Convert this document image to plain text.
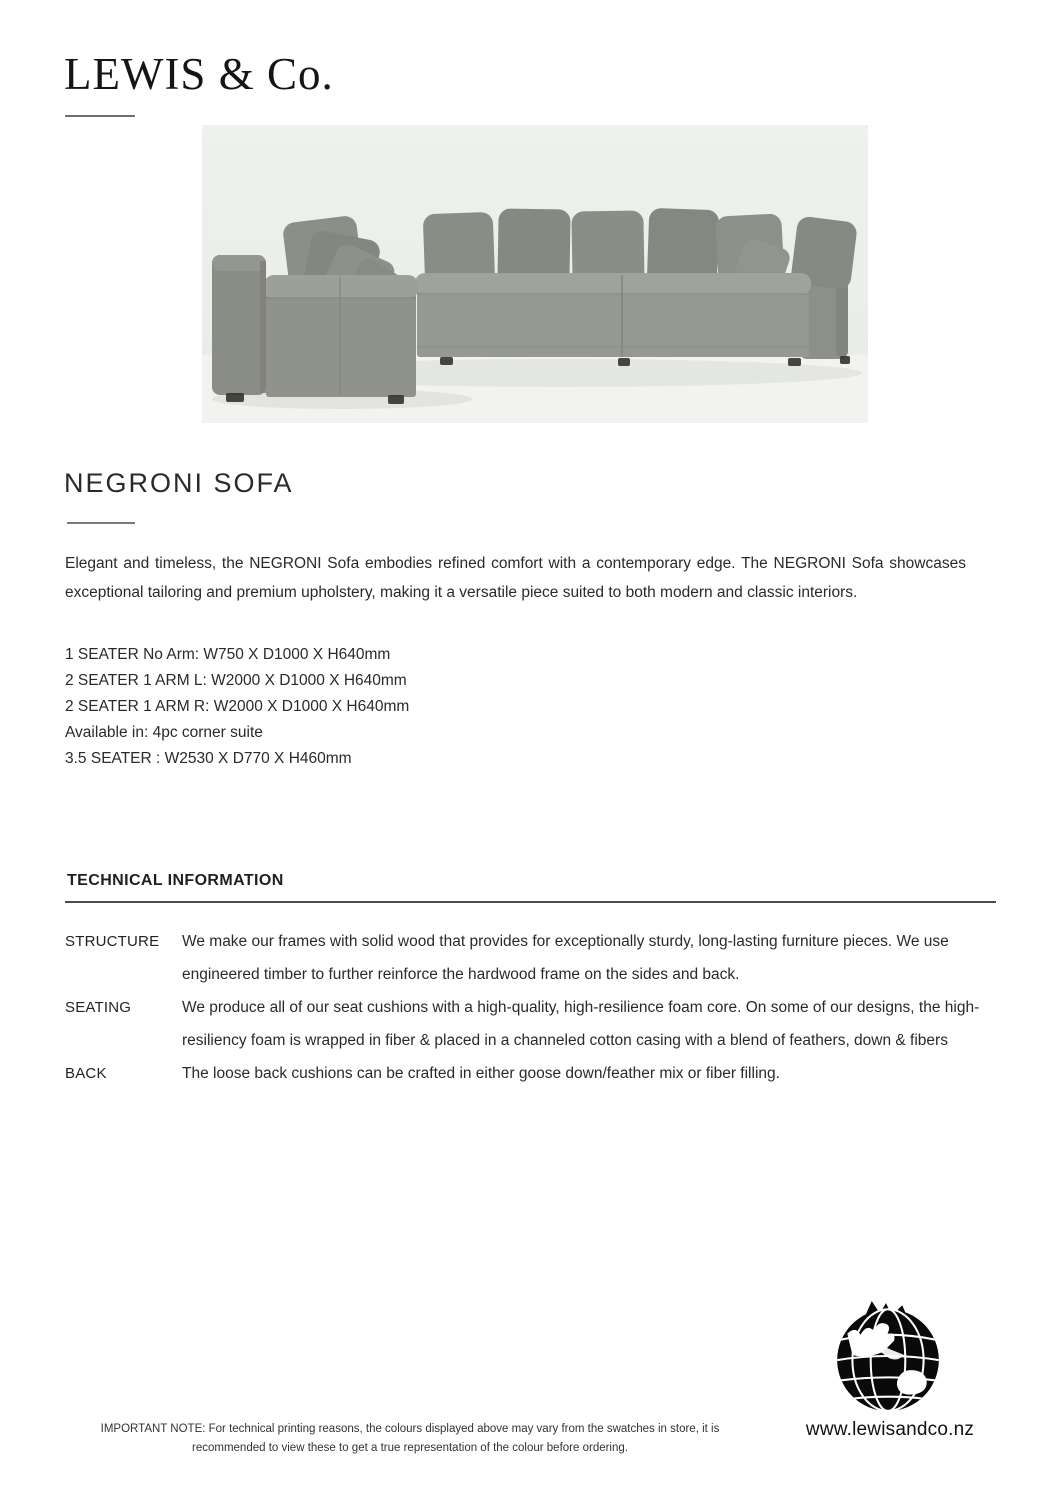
LEWIS & Co.
NEGRONI SOFA
Elegant and timeless, the NEGRONI Sofa embodies refined comfort with a contemporary edge. The NEGRONI Sofa showcases exceptional tailoring and premium upholstery, making it a versatile piece suited to both modern and classic interiors.
1 SEATER No Arm: W750 X D1000 X H640mm
2 SEATER 1 ARM L: W2000 X D1000 X H640mm
2 SEATER 1 ARM R: W2000 X D1000 X H640mm
Available in: 4pc corner suite
3.5 SEATER : W2530 X D770 X H460mm
TECHNICAL INFORMATION
STRUCTURE	We make our frames with solid wood that provides for exceptionally sturdy, long-lasting furniture pieces. We use engineered timber to further reinforce the hardwood frame on the sides and back.
SEATING	We produce all of our seat cushions with a high-quality, high-resilience foam core. On some of our designs, the high-resiliency foam is wrapped in fiber & placed in a channeled cotton casing with a blend of feathers, down & fibers
BACK	The loose back cushions can be crafted in either goose down/feather mix or fiber filling.
IMPORTANT NOTE: For technical printing reasons, the colours displayed above may vary from the swatches in store, it is recommended to view these to get a true representation of the colour before ordering.
www.lewisandco.nz
